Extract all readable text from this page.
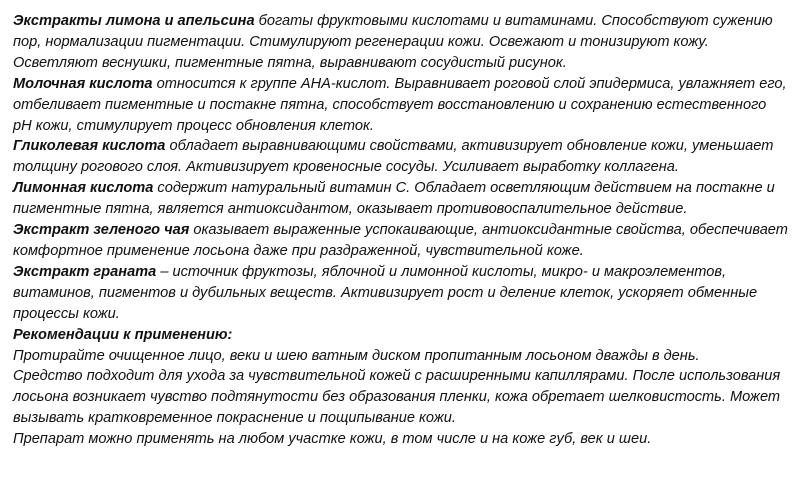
Экстракты лимона и апельсина богаты фруктовыми кислотами и витаминами. Способствуют сужению пор, нормализации пигментации. Стимулируют регенерации кожи. Освежают и тонизируют кожу. Осветляют веснушки, пигментные пятна, выравнивают сосудистый рисунок.

Молочная кислота относится к группе АНА-кислот. Выравнивает роговой слой эпидермиса, увлажняет его, отбеливает пигментные и постакне пятна, способствует восстановлению и сохранению естественного pH кожи, стимулирует процесс обновления клеток.

Гликолевая кислота обладает выравнивающими свойствами, активизирует обновление кожи, уменьшает толщину рогового слоя. Активизирует кровеносные сосуды. Усиливает выработку коллагена.

Лимонная кислота содержит натуральный витамин С. Обладает осветляющим действием на постакне и пигментные пятна, является антиоксидантом, оказывает противовоспалительное действие.

Экстракт зеленого чая оказывает выраженные успокаивающие, антиоксидантные свойства, обеспечивает комфортное применение лосьона даже при раздраженной, чувствительной коже.

Экстракт граната – источник фруктозы, яблочной и лимонной кислоты, микро- и макроэлементов, витаминов, пигментов и дубильных веществ. Активизирует рост и деление клеток, ускоряет обменные процессы кожи.

Рекомендации к применению:

Протирайте очищенное лицо, веки и шею ватным диском пропитанным лосьоном дважды в день.

Средство подходит для ухода за чувствительной кожей с расширенными капиллярами. После использования лосьона возникает чувство подтянутости без образования пленки, кожа обретает шелковистость. Может вызывать кратковременное покраснение и пощипывание кожи.

Препарат можно применять на любом участке кожи, в том числе и на коже губ, век и шеи.
